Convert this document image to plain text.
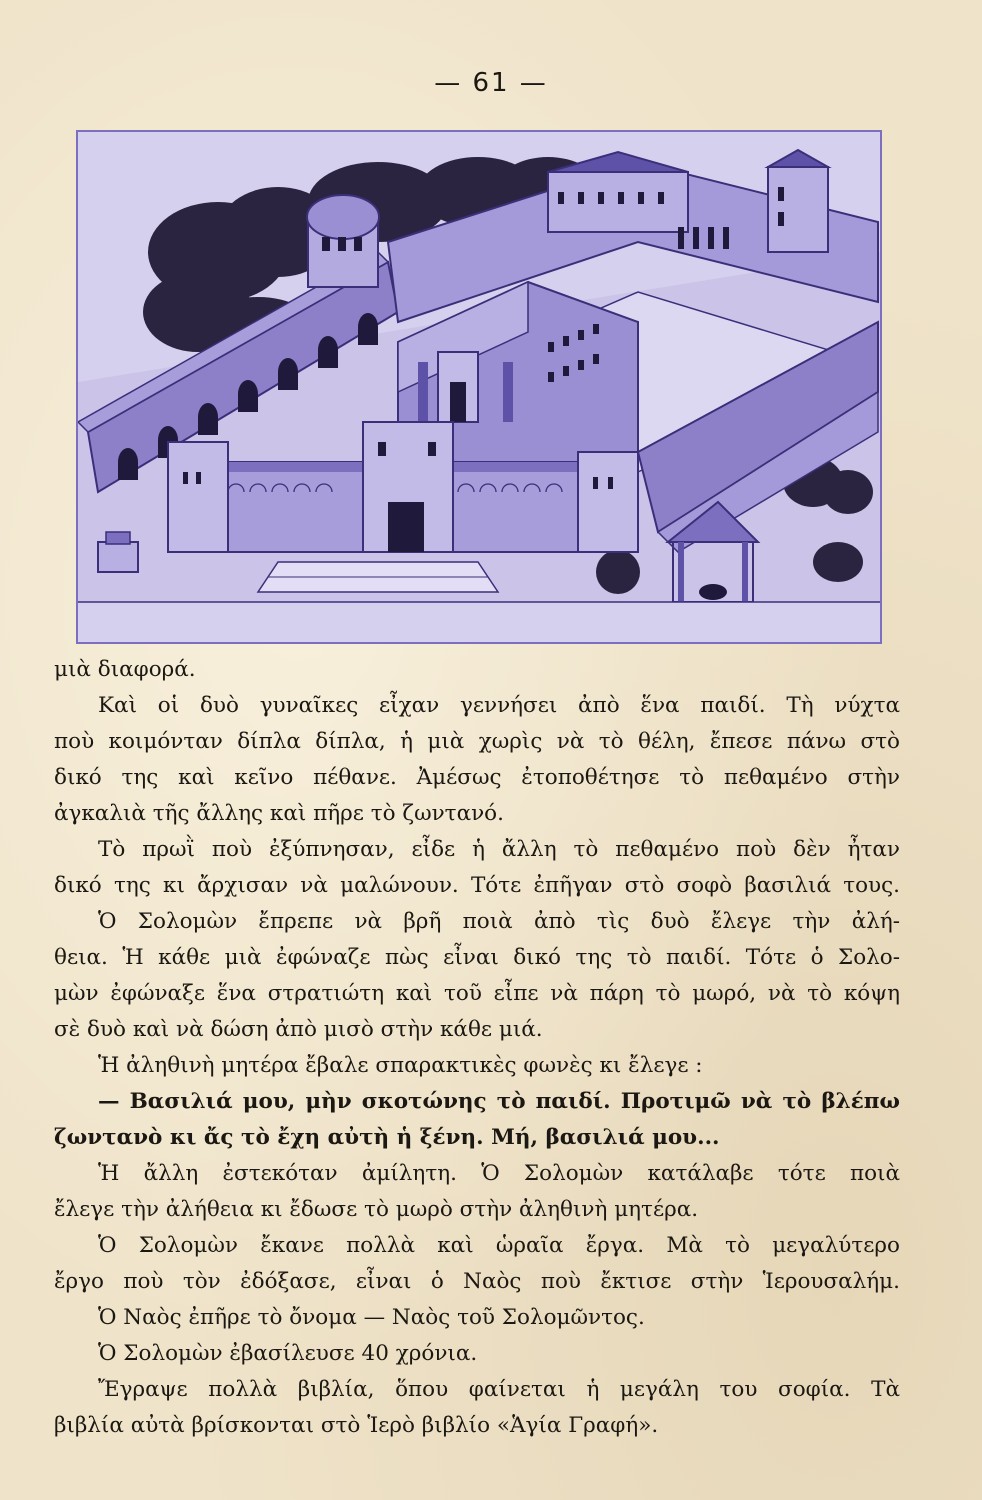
— 61 —
μιὰ διαφορά.
Καὶ οἱ δυὸ γυναῖκες εἶχαν γεννήσει ἀπὸ ἕνα παιδί. Τὴ νύχτα
ποὺ κοιμόνταν δίπλα δίπλα, ἡ μιὰ χωρὶς νὰ τὸ θέλη, ἔπεσε πάνω στὸ
δικό της καὶ κεῖνο πέθανε. Ἀμέσως ἐτοποθέτησε τὸ πεθαμένο στὴν
ἀγκαλιὰ τῆς ἄλλης καὶ πῆρε τὸ ζωντανό.
Τὸ πρωῒ ποὺ ἐξύπνησαν, εἶδε ἡ ἄλλη τὸ πεθαμένο ποὺ δὲν ἦταν
δικό της κι ἄρχισαν νὰ μαλώνουν. Τότε ἐπῆγαν στὸ σοφὸ βασιλιά τους.
Ὁ Σολομὼν ἔπρεπε νὰ βρῆ ποιὰ ἀπὸ τὶς δυὸ ἔλεγε τὴν ἀλή-
θεια. Ἡ κάθε μιὰ ἐφώναζε πὼς εἶναι δικό της τὸ παιδί. Τότε ὁ Σολο-
μὼν ἐφώναξε ἕνα στρατιώτη καὶ τοῦ εἶπε νὰ πάρη τὸ μωρό, νὰ τὸ κόψη
σὲ δυὸ καὶ νὰ δώση ἀπὸ μισὸ στὴν κάθε μιά.
Ἡ ἀληθινὴ μητέρα ἔβαλε σπαρακτικὲς φωνὲς κι ἔλεγε :
— Βασιλιά μου, μὴν σκοτώνης τὸ παιδί. Προτιμῶ νὰ τὸ βλέπω
ζωντανὸ κι ἄς τὸ ἔχη αὐτὴ ἡ ξένη. Μή, βασιλιά μου...
Ἡ ἄλλη ἐστεκόταν ἀμίλητη. Ὁ Σολομὼν κατάλαβε τότε ποιὰ
ἔλεγε τὴν ἀλήθεια κι ἔδωσε τὸ μωρὸ στὴν ἀληθινὴ μητέρα.
Ὁ Σολομὼν ἔκανε πολλὰ καὶ ὡραῖα ἔργα. Μὰ τὸ μεγαλύτερο
ἔργο ποὺ τὸν ἐδόξασε, εἶναι ὁ Ναὸς ποὺ ἔκτισε στὴν Ἱερουσαλήμ.
Ὁ Ναὸς ἐπῆρε τὸ ὄνομα — Ναὸς τοῦ Σολομῶντος.
Ὁ Σολομὼν ἐβασίλευσε 40 χρόνια.
Ἔγραψε πολλὰ βιβλία, ὅπου φαίνεται ἡ μεγάλη του σοφία. Τὰ
βιβλία αὐτὰ βρίσκονται στὸ Ἱερὸ βιβλίο «Ἁγία Γραφή».
